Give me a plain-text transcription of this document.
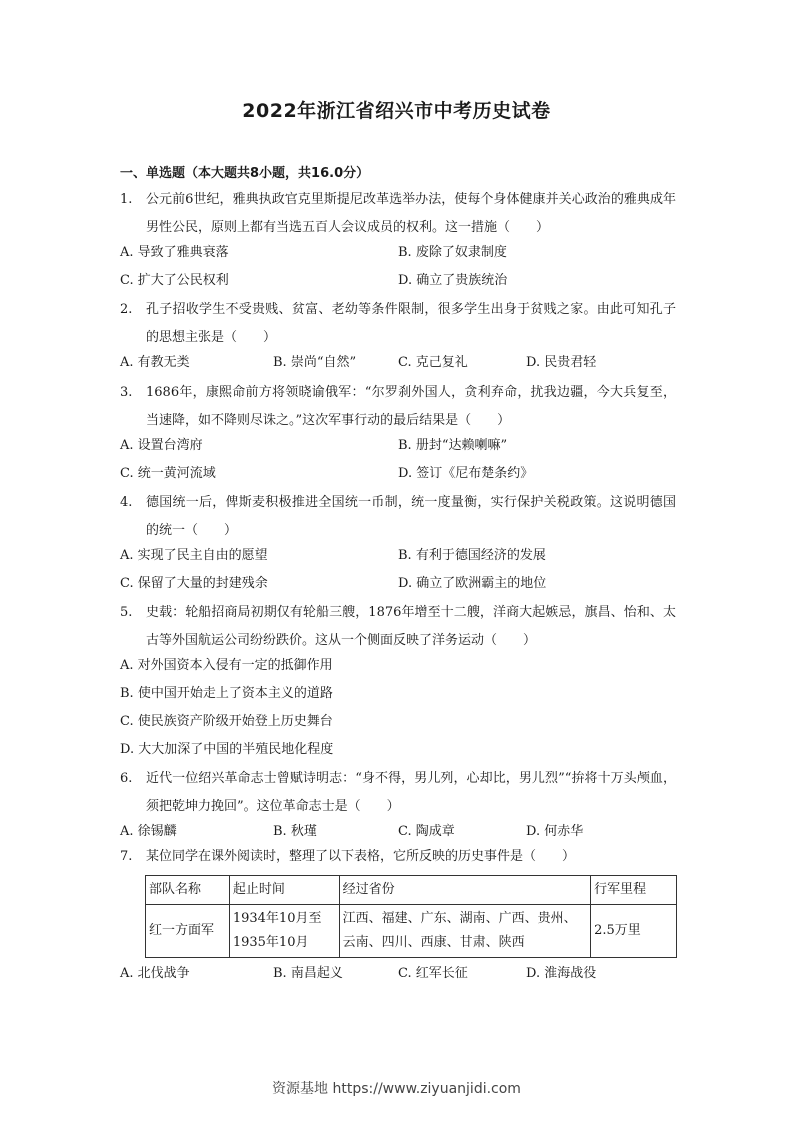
2022年浙江省绍兴市中考历史试卷
一、单选题（本大题共8小题，共16.0分）
1. 公元前6世纪，雅典执政官克里斯提尼改革选举办法，使每个身体健康并关心政治的雅典成年男性公民，原则上都有当选五百人会议成员的权利。这一措施（　　）
A. 导致了雅典衰落	B. 废除了奴隶制度
C. 扩大了公民权利	D. 确立了贵族统治
2. 孔子招收学生不受贵贱、贫富、老幼等条件限制，很多学生出身于贫贱之家。由此可知孔子的思想主张是（　　）
A. 有教无类	B. 崇尚“自然”	C. 克己复礼	D. 民贵君轻
3. 1686年，康熙命前方将领晓谕俄军：“尔罗刹外国人，贪利弃命，扰我边疆，今大兵复至，当速降，如不降则尽诛之。”这次军事行动的最后结果是（　　）
A. 设置台湾府	B. 册封“达赖喇嘛”
C. 统一黄河流域	D. 签订《尼布楚条约》
4. 德国统一后，俾斯麦积极推进全国统一币制，统一度量衡，实行保护关税政策。这说明德国的统一（　　）
A. 实现了民主自由的愿望	B. 有利于德国经济的发展
C. 保留了大量的封建残余	D. 确立了欧洲霸主的地位
5. 史载：轮船招商局初期仅有轮船三艘，1876年增至十二艘，洋商大起嫉忌，旗昌、怡和、太古等外国航运公司纷纷跌价。这从一个侧面反映了洋务运动（　　）
A. 对外国资本入侵有一定的抵御作用
B. 使中国开始走上了资本主义的道路
C. 使民族资产阶级开始登上历史舞台
D. 大大加深了中国的半殖民地化程度
6. 近代一位绍兴革命志士曾赋诗明志：“身不得，男儿列，心却比，男儿烈”“拚将十万头颅血，须把乾坤力挽回”。这位革命志士是（　　）
A. 徐锡麟	B. 秋瑾	C. 陶成章	D. 何赤华
7. 某位同学在课外阅读时，整理了以下表格，它所反映的历史事件是（　　）
部队名称	起止时间	经过省份	行军里程
红一方面军	1934年10月至1935年10月	江西、福建、广东、湖南、广西、贵州、云南、四川、西康、甘肃、陕西	2.5万里
A. 北伐战争	B. 南昌起义	C. 红军长征	D. 淮海战役
资源基地 https://www.ziyuanjidi.com
